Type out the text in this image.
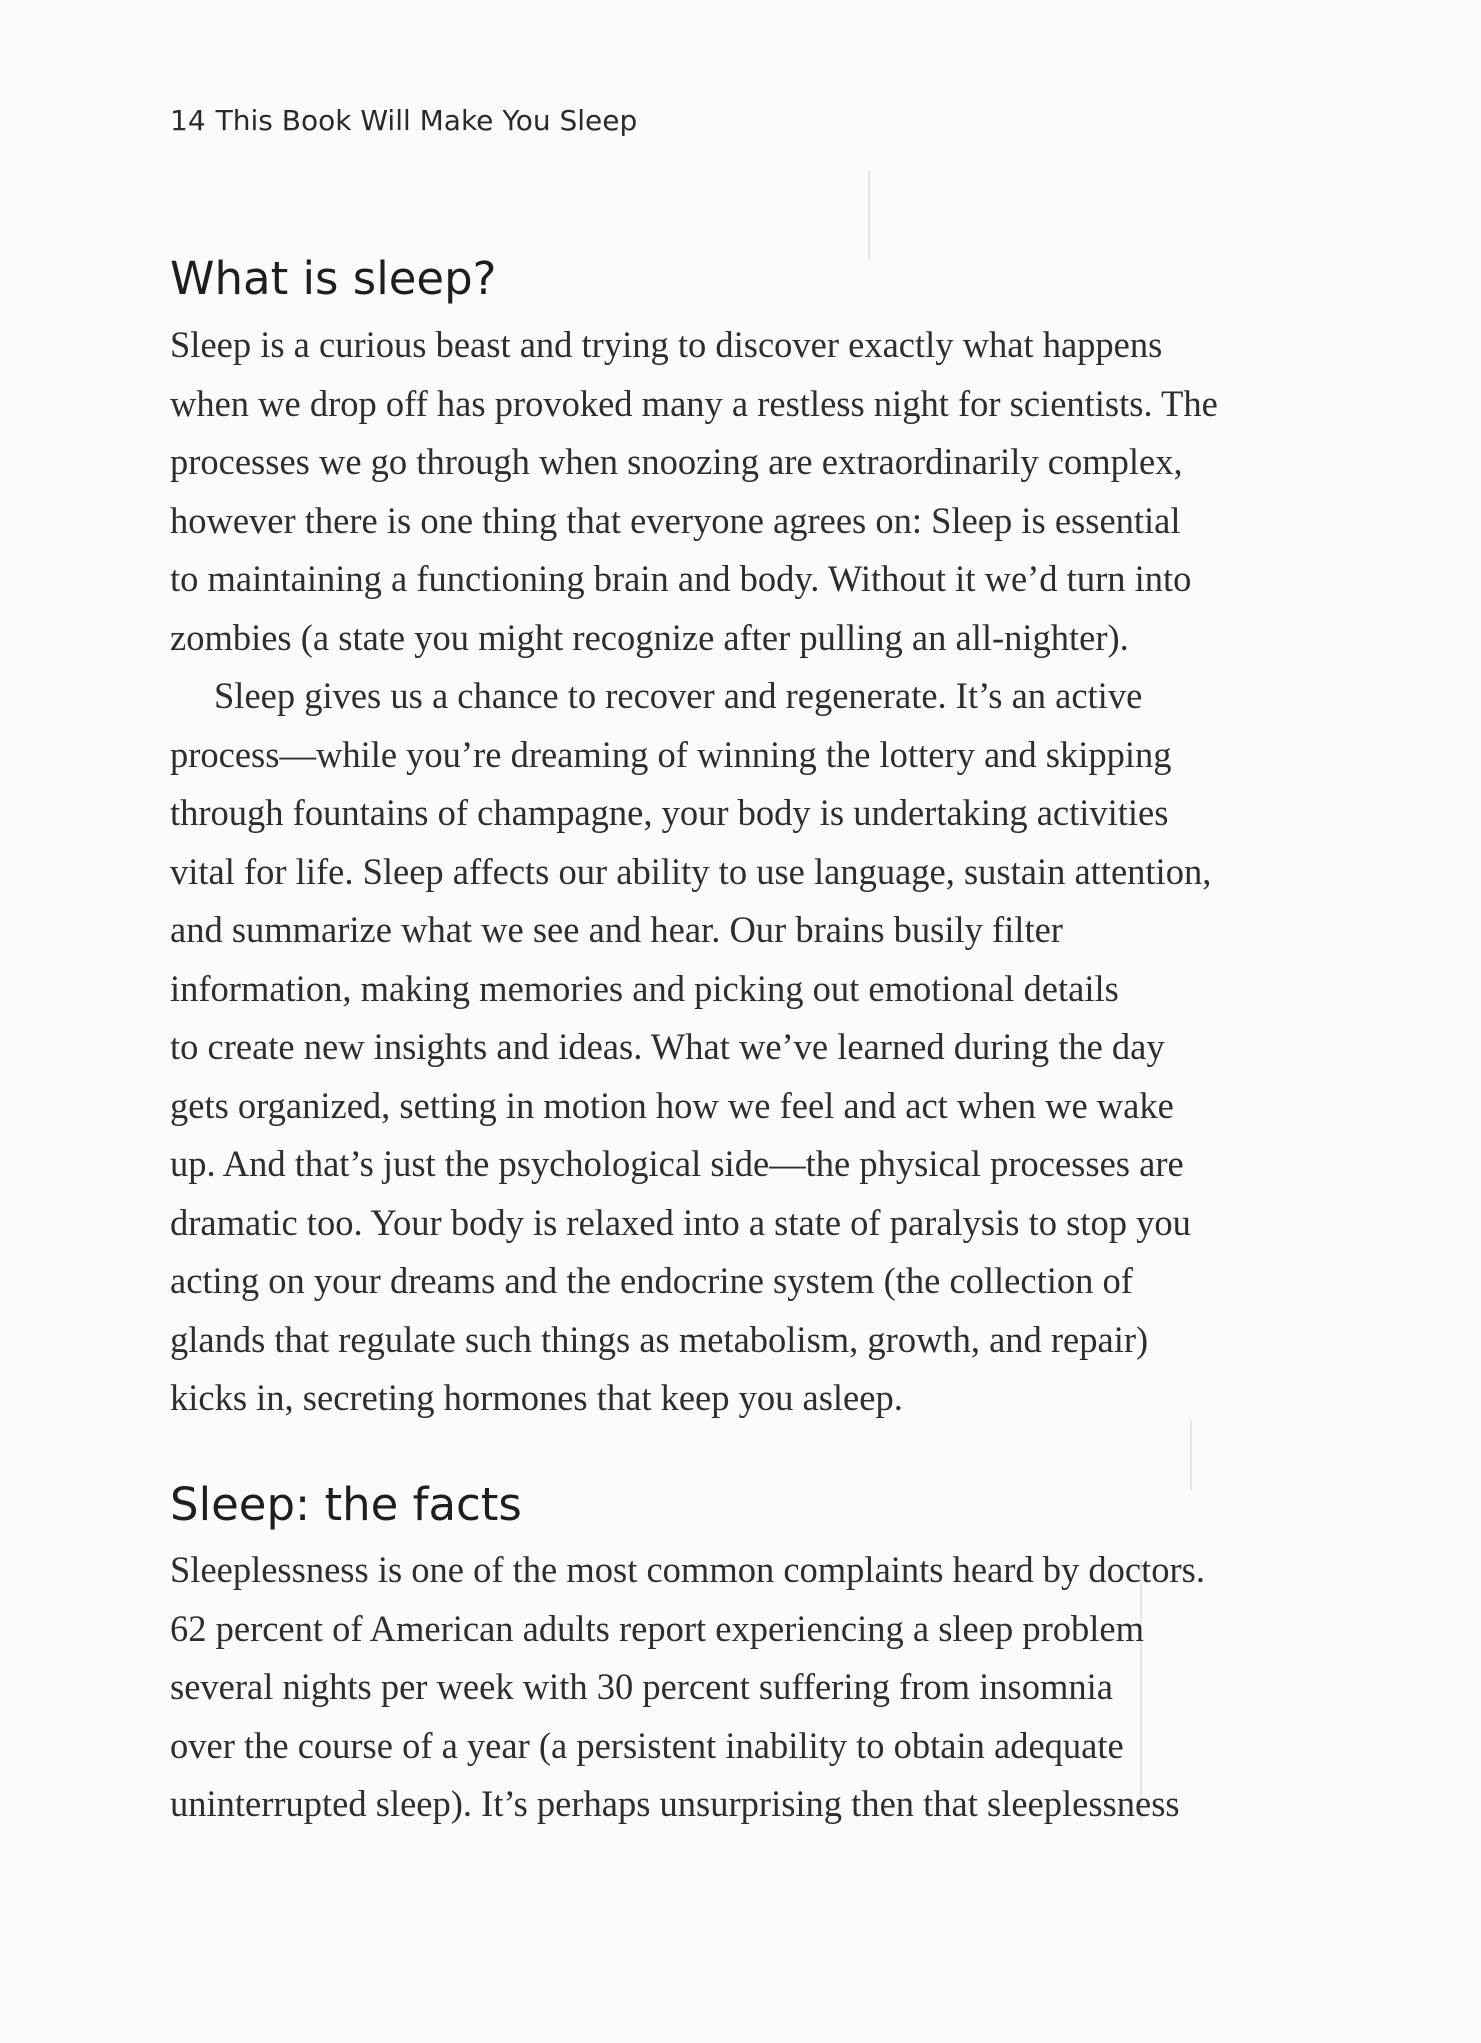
14 This Book Will Make You Sleep
What is sleep?

Sleep is a curious beast and trying to discover exactly what happens
when we drop off has provoked many a restless night for scientists. The
processes we go through when snoozing are extraordinarily complex,
however there is one thing that everyone agrees on: Sleep is essential
to maintaining a functioning brain and body. Without it we’d turn into
zombies (a state you might recognize after pulling an all-nighter).

Sleep gives us a chance to recover and regenerate. It’s an active
process—while you’re dreaming of winning the lottery and skipping
through fountains of champagne, your body is undertaking activities
vital for life. Sleep affects our ability to use language, sustain attention,
and summarize what we see and hear. Our brains busily filter
information, making memories and picking out emotional details
to create new insights and ideas. What we’ve learned during the day
gets organized, setting in motion how we feel and act when we wake
up. And that’s just the psychological side—the physical processes are
dramatic too. Your body is relaxed into a state of paralysis to stop you
acting on your dreams and the endocrine system (the collection of
glands that regulate such things as metabolism, growth, and repair)
kicks in, secreting hormones that keep you asleep.

Sleep: the facts

Sleeplessness is one of the most common complaints heard by doctors.
62 percent of American adults report experiencing a sleep problem
several nights per week with 30 percent suffering from insomnia
over the course of a year (a persistent inability to obtain adequate
uninterrupted sleep). It’s perhaps unsurprising then that sleeplessness
